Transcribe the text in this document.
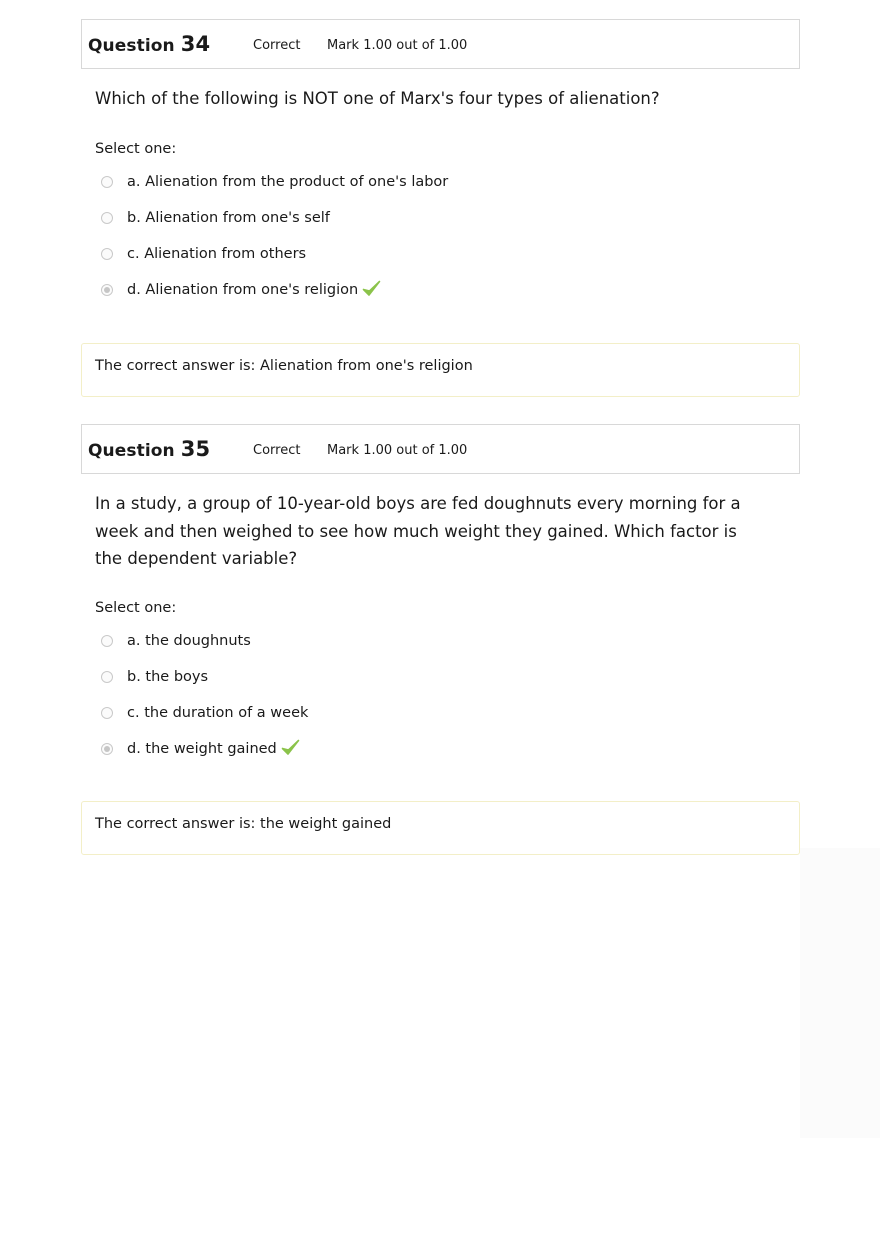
Question 34	Correct Mark 1.00 out of 1.00
Which of the following is NOT one of Marx's four types of alienation?
Select one:
a. Alienation from the product of one's labor
b. Alienation from one's self
c. Alienation from others
d. Alienation from one's religion
The correct answer is: Alienation from one's religion
Question 35	Correct Mark 1.00 out of 1.00
In a study, a group of 10-year-old boys are fed doughnuts every morning for a week and then weighed to see how much weight they gained. Which factor is the dependent variable?
Select one:
a. the doughnuts
b. the boys
c. the duration of a week
d. the weight gained
The correct answer is: the weight gained
